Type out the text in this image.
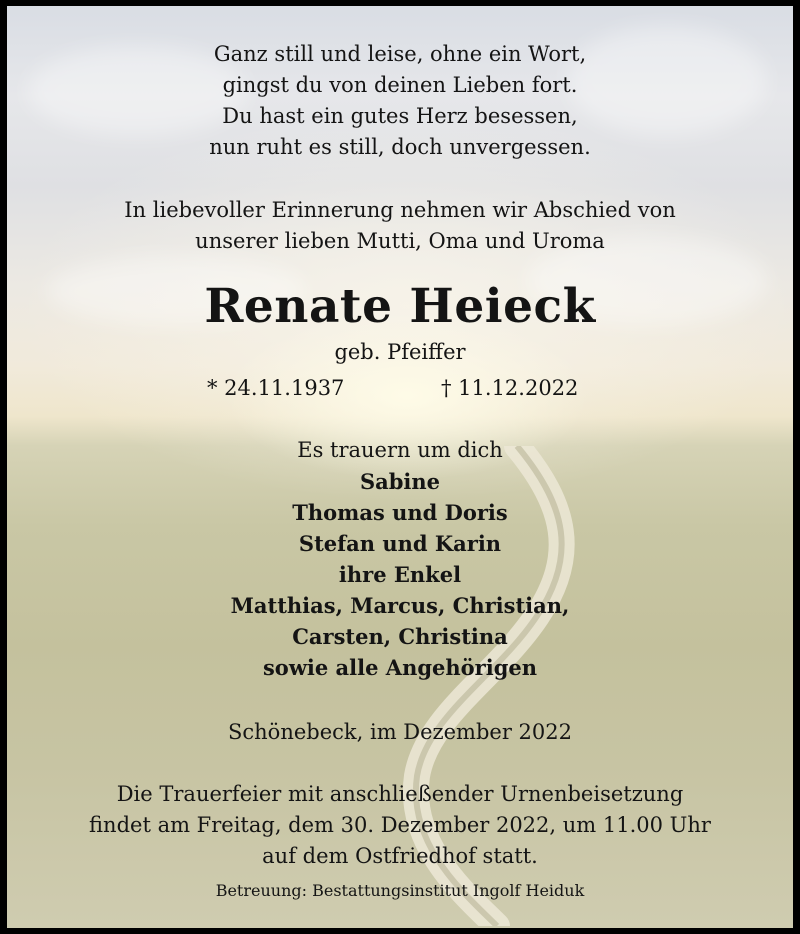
Ganz still und leise, ohne ein Wort,
gingst du von deinen Lieben fort.
Du hast ein gutes Herz besessen,
nun ruht es still, doch unvergessen.
In liebevoller Erinnerung nehmen wir Abschied von
unserer lieben Mutti, Oma und Uroma
Renate Heieck
geb. Pfeiffer
* 24.11.1937	† 11.12.2022
Es trauern um dich
Sabine
Thomas und Doris
Stefan und Karin
ihre Enkel
Matthias, Marcus, Christian,
Carsten, Christina
sowie alle Angehörigen
Schönebeck, im Dezember 2022
Die Trauerfeier mit anschließender Urnenbeisetzung
findet am Freitag, dem 30. Dezember 2022, um 11.00 Uhr
auf dem Ostfriedhof statt.
Betreuung: Bestattungsinstitut Ingolf Heiduk
